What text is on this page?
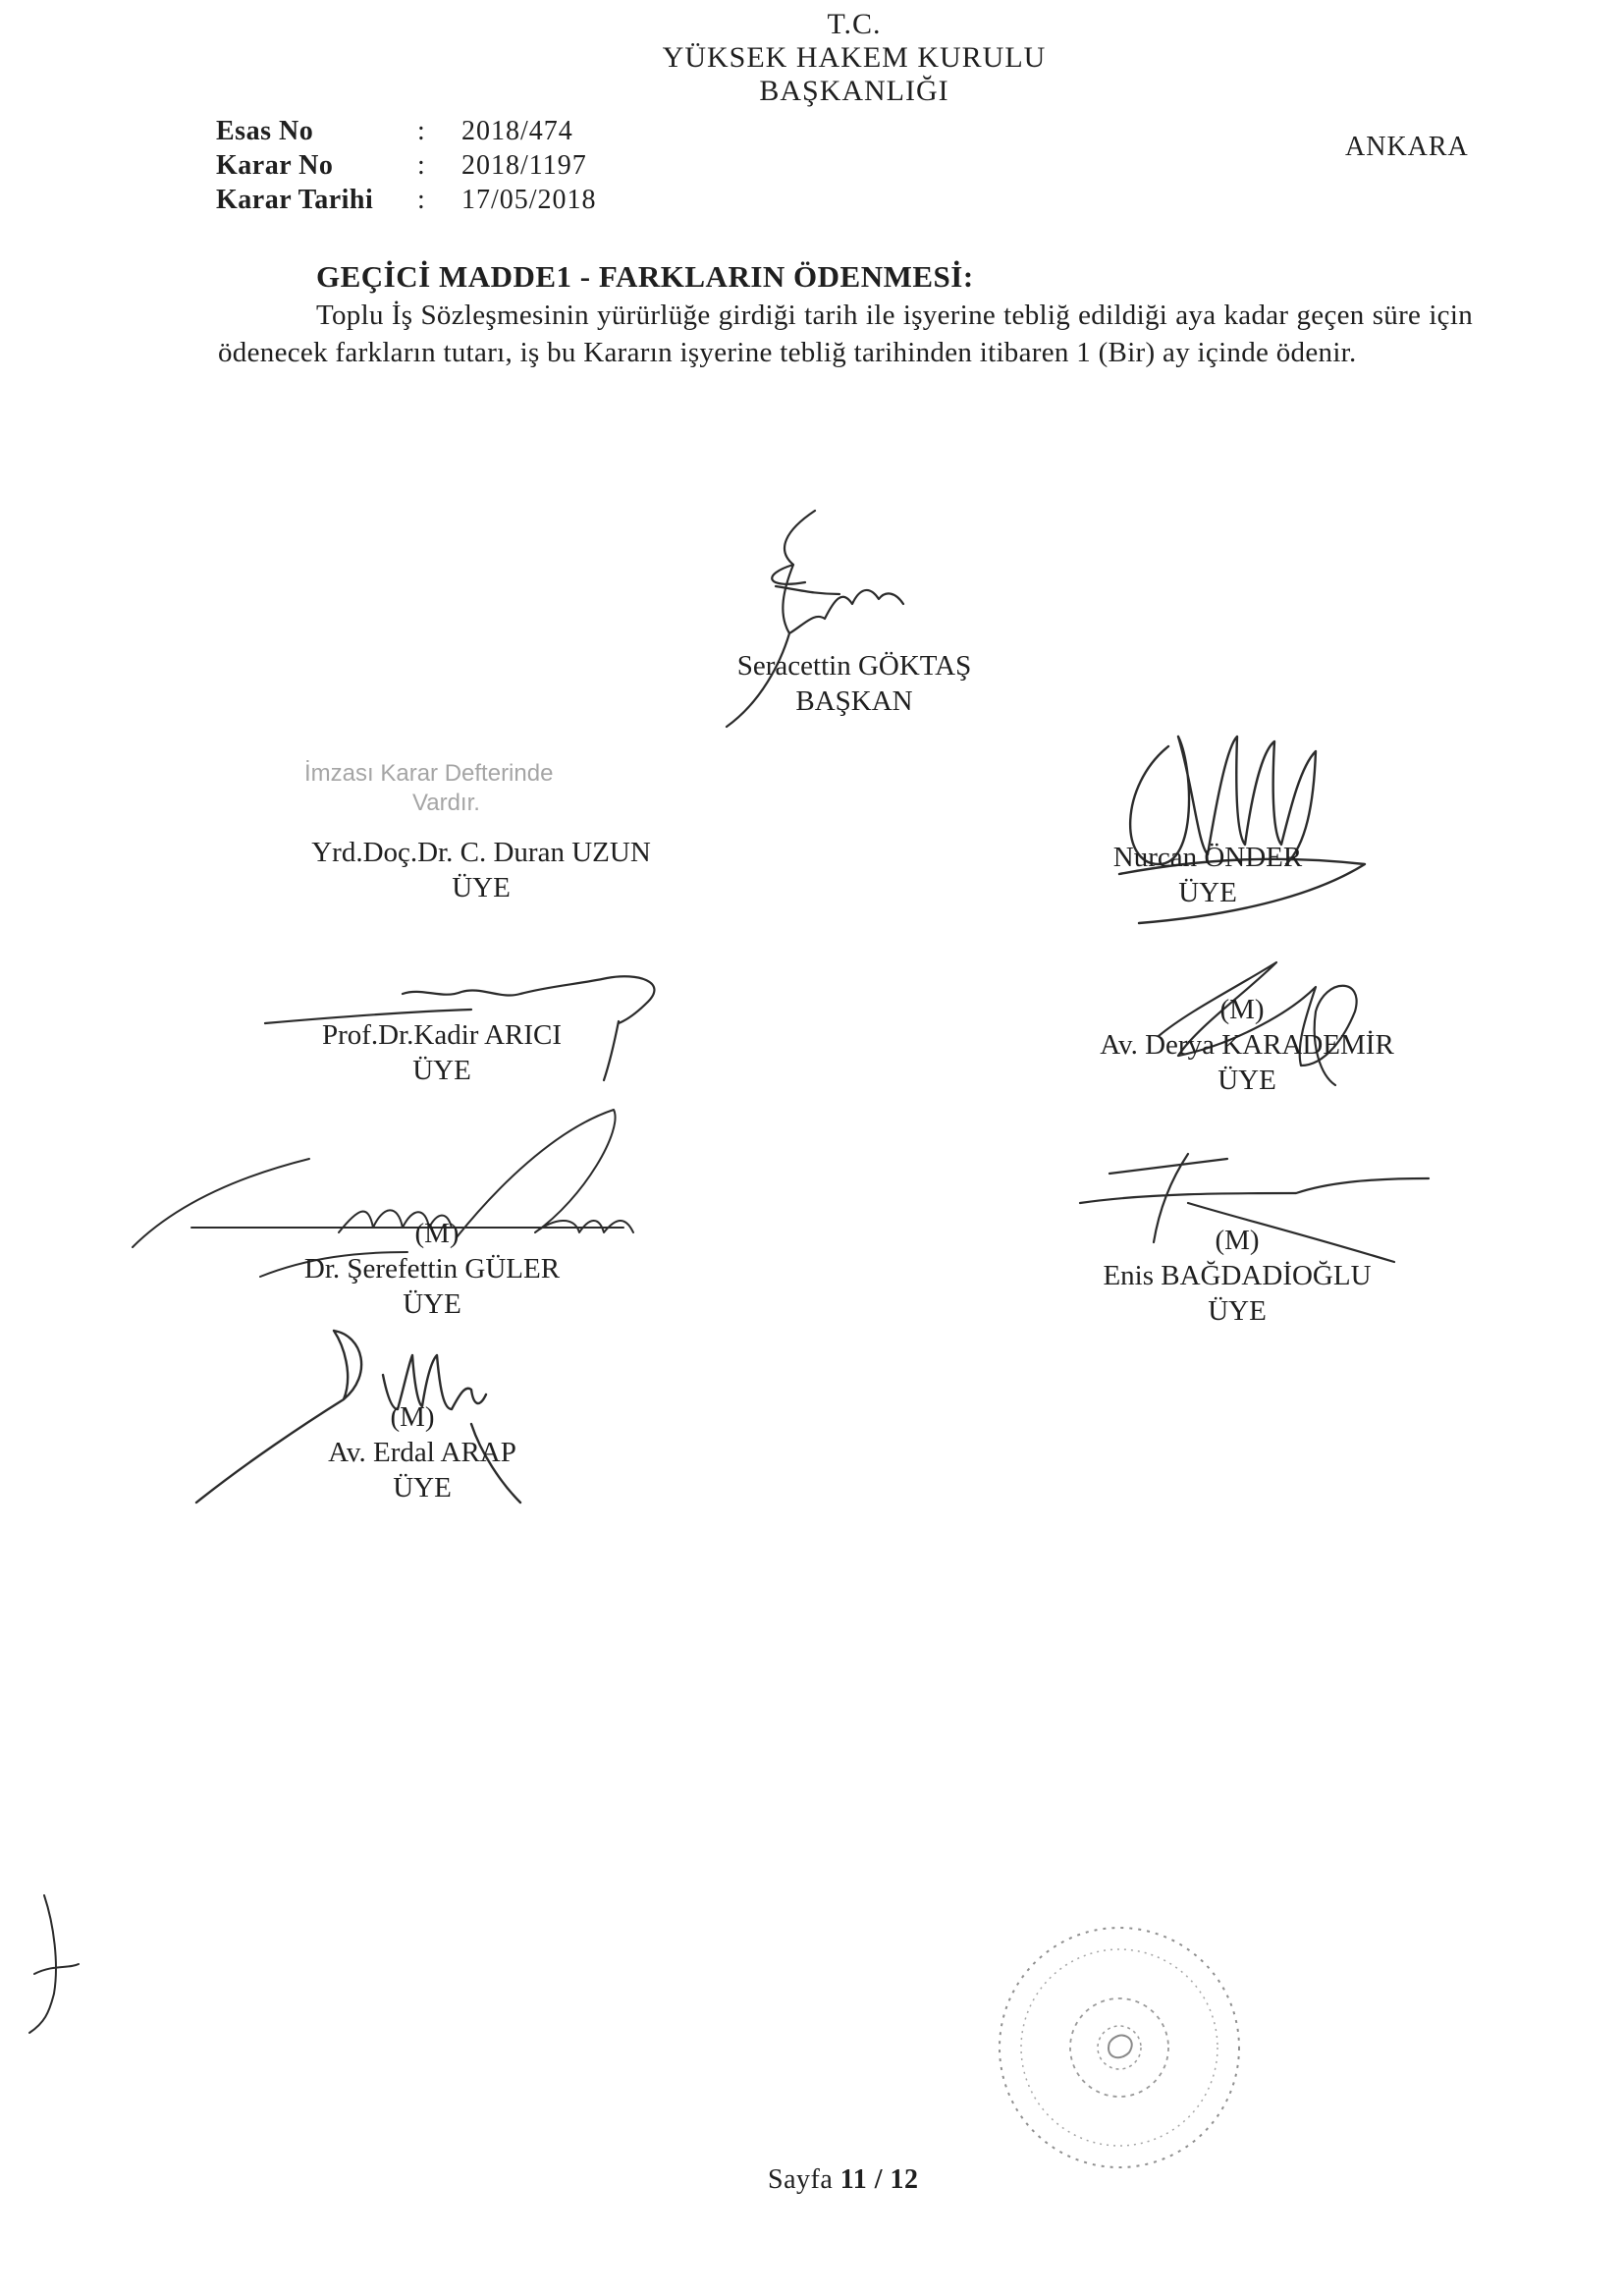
T.C.
YÜKSEK HAKEM KURULU
BAŞKANLIĞI
Esas No	: 2018/474
Karar No	: 2018/1197
Karar Tarihi : 17/05/2018
ANKARA
GEÇİCİ MADDE1 - FARKLARIN ÖDENMESİ:
Toplu İş Sözleşmesinin yürürlüğe girdiği tarih ile işyerine tebliğ edildiği aya kadar geçen süre için ödenecek farkların tutarı, iş bu Kararın işyerine tebliğ tarihinden itibaren 1 (Bir) ay içinde ödenir.
Seracettin GÖKTAŞ
BAŞKAN
İmzası Karar Defterinde
Vardır.
Yrd.Doç.Dr. C. Duran UZUN
ÜYE
Nurcan ÖNDER
ÜYE
Prof.Dr.Kadir ARICI
ÜYE
(M)
Av. Derya KARADEMİR
ÜYE
(M)
Dr. Şerefettin GÜLER
ÜYE
(M)
Enis BAĞDADİOĞLU
ÜYE
(M)
Av. Erdal ARAP
ÜYE
Sayfa 11 / 12
